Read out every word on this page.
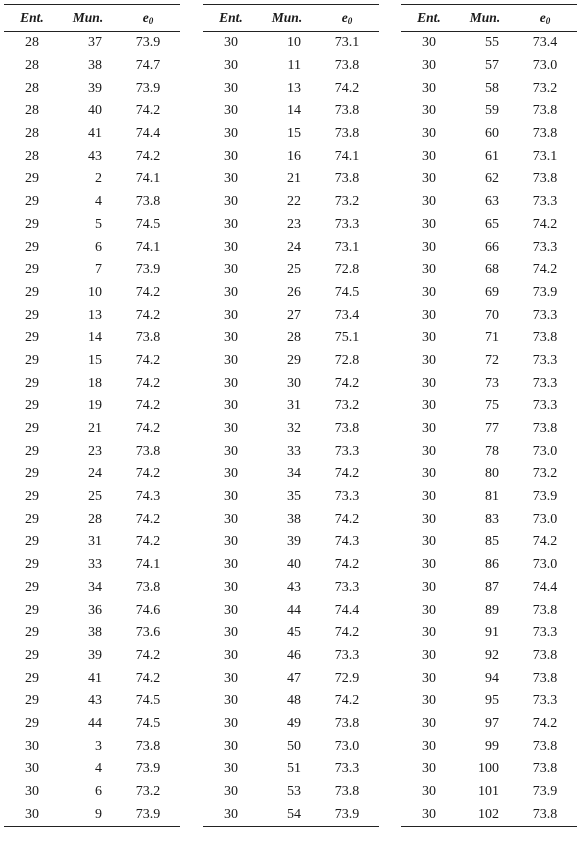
Ent.	Mun.	$e_0$
28	37	73.9
28	38	74.7
28	39	73.9
28	40	74.2
28	41	74.4
28	43	74.2
29	2	74.1
29	4	73.8
29	5	74.5
29	6	74.1
29	7	73.9
29	10	74.2
29	13	74.2
29	14	73.8
29	15	74.2
29	18	74.2
29	19	74.2
29	21	74.2
29	23	73.8
29	24	74.2
29	25	74.3
29	28	74.2
29	31	74.2
29	33	74.1
29	34	73.8
29	36	74.6
29	38	73.6
29	39	74.2
29	41	74.2
29	43	74.5
29	44	74.5
30	3	73.8
30	4	73.9
30	6	73.2
30	9	73.9
Ent.	Mun.	$e_0$
30	10	73.1
30	11	73.8
30	13	74.2
30	14	73.8
30	15	73.8
30	16	74.1
30	21	73.8
30	22	73.2
30	23	73.3
30	24	73.1
30	25	72.8
30	26	74.5
30	27	73.4
30	28	75.1
30	29	72.8
30	30	74.2
30	31	73.2
30	32	73.8
30	33	73.3
30	34	74.2
30	35	73.3
30	38	74.2
30	39	74.3
30	40	74.2
30	43	73.3
30	44	74.4
30	45	74.2
30	46	73.3
30	47	72.9
30	48	74.2
30	49	73.8
30	50	73.0
30	51	73.3
30	53	73.8
30	54	73.9
Ent.	Mun.	$e_0$
30	55	73.4
30	57	73.0
30	58	73.2
30	59	73.8
30	60	73.8
30	61	73.1
30	62	73.8
30	63	73.3
30	65	74.2
30	66	73.3
30	68	74.2
30	69	73.9
30	70	73.3
30	71	73.8
30	72	73.3
30	73	73.3
30	75	73.3
30	77	73.8
30	78	73.0
30	80	73.2
30	81	73.9
30	83	73.0
30	85	74.2
30	86	73.0
30	87	74.4
30	89	73.8
30	91	73.3
30	92	73.8
30	94	73.8
30	95	73.3
30	97	74.2
30	99	73.8
30	100	73.8
30	101	73.9
30	102	73.8
